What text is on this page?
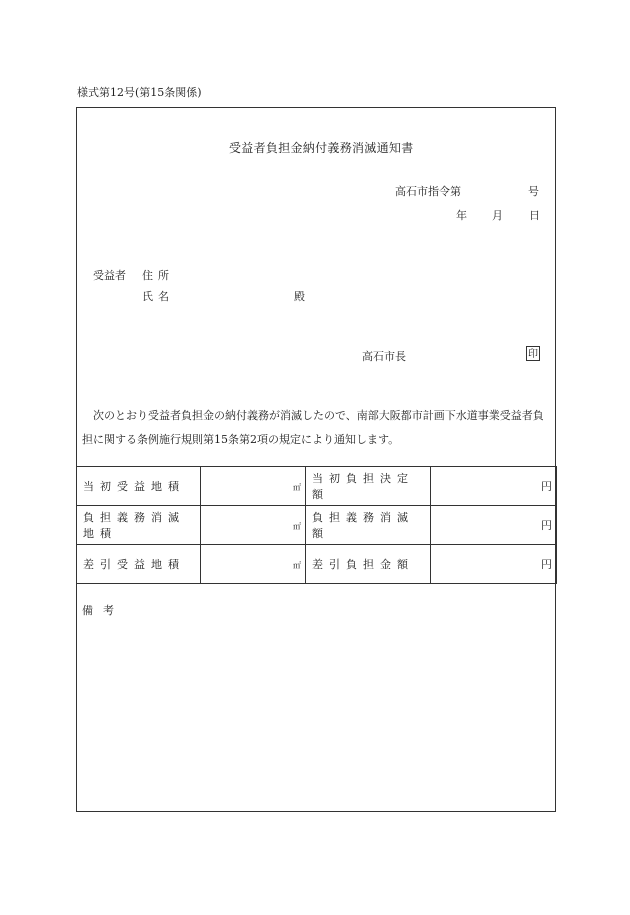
様式第12号(第15条関係)
受益者負担金納付義務消滅通知書
高石市指令第	号
年 月 日
受益者 住所
氏名	殿
高石市長	印
次のとおり受益者負担金の納付義務が消滅したので、南部大阪都市計画下水道事業受益者負担に関する条例施行規則第15条第2項の規定により通知します。
当初受益地積	㎡	当初負担決定額	円
負担義務消滅地積	㎡	負担義務消滅額	円
差引受益地積	㎡	差引負担金額	円
備考
